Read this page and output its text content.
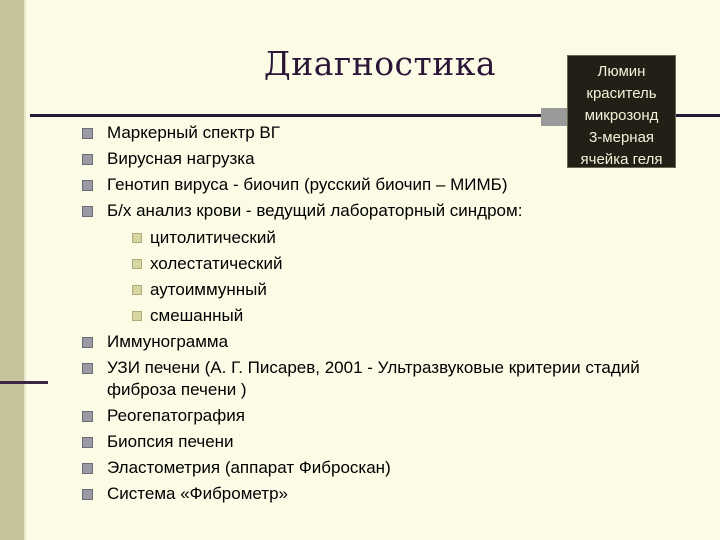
Диагностика	Люмин
краситель
микрозонд
3-мерная
ячейка геля
Маркерный спектр ВГ
Вирусная нагрузка
Генотип вируса - биочип (русский биочип – МИМБ)
Б/х анализ крови - ведущий лабораторный синдром:
цитолитический
холестатический
аутоиммунный
смешанный
Иммунограмма
УЗИ печени (А. Г. Писарев, 2001 - Ультразвуковые критерии стадий фиброза печени )
Реогепатография
Биопсия печени
Эластометрия (аппарат Фиброскан)
Система «Фиброметр»
